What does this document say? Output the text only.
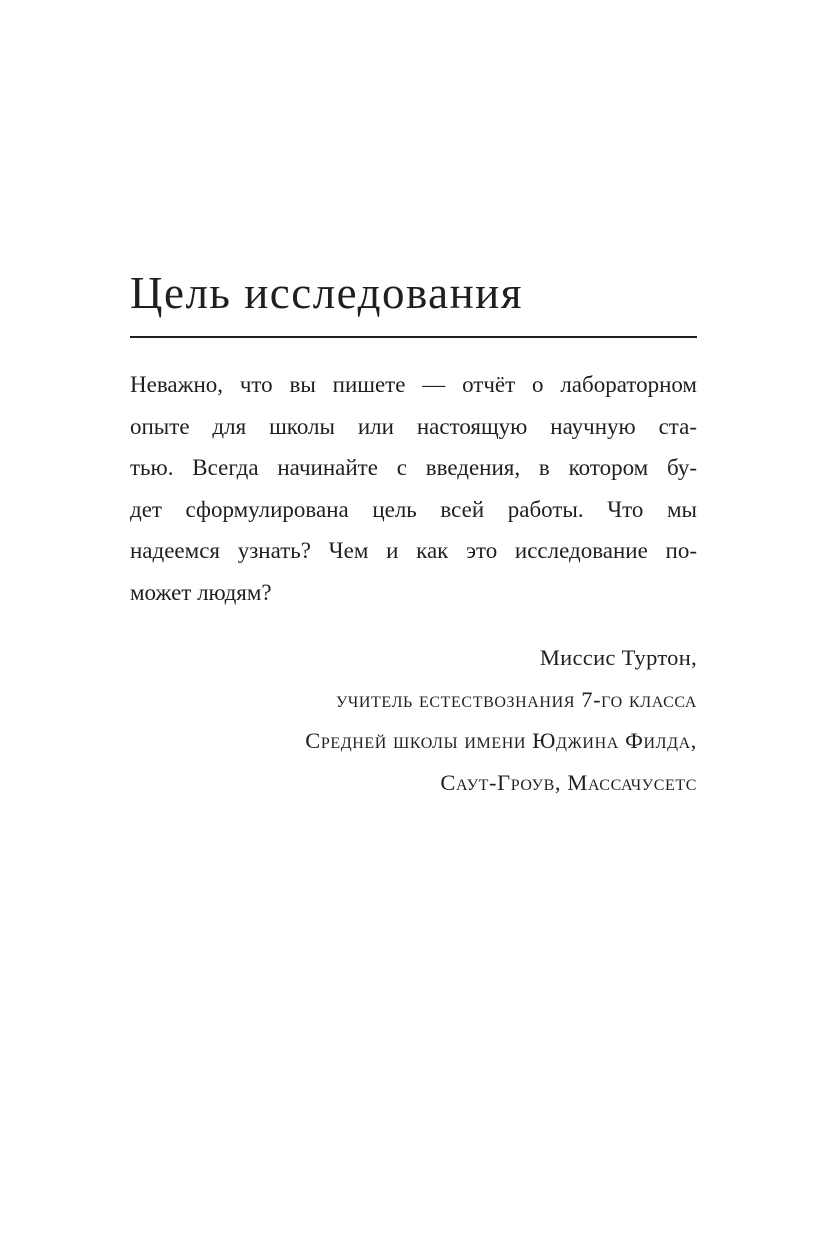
Цель исследования
Неважно, что вы пишете — отчёт о лабораторном
опыте для школы или настоящую научную ста-
тью. Всегда начинайте с введения, в котором бу-
дет сформулирована цель всей работы. Что мы
надеемся узнать? Чем и как это исследование по-
может людям?
Миссис Туртон,
учитель естествознания 7-го класса
Средней школы имени Юджина Филда,
Саут-Гроув, Массачусетс
